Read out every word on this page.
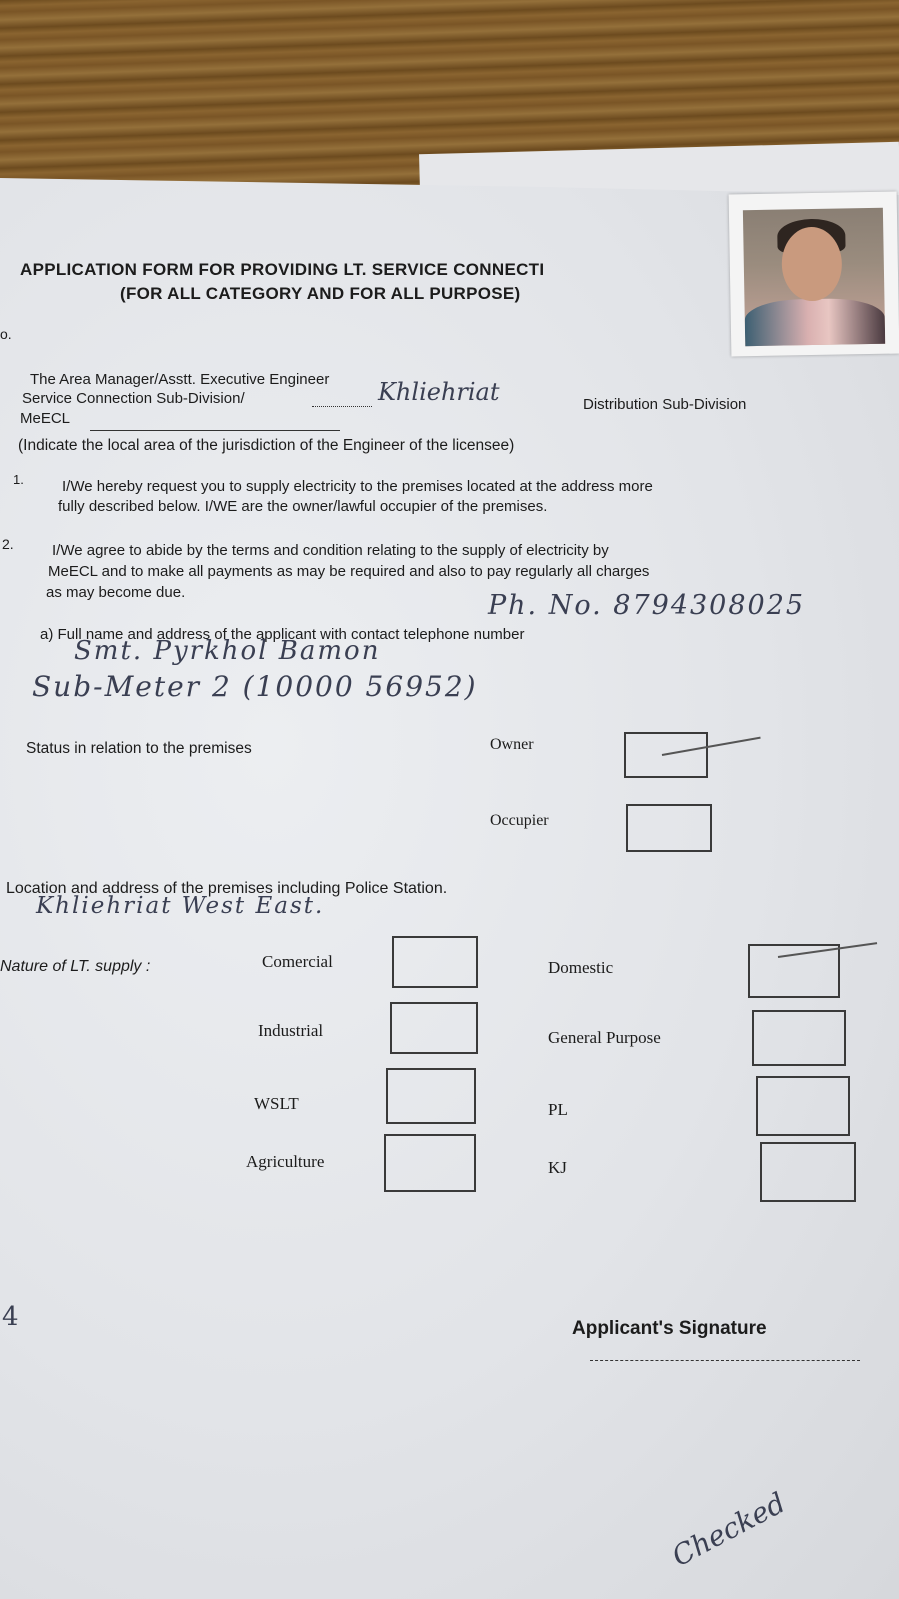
APPLICATION FORM FOR PROVIDING LT. SERVICE CONNECTI
(FOR ALL CATEGORY AND FOR ALL PURPOSE)
o.
The Area Manager/Asstt. Executive Engineer
Service Connection Sub-Division/	Khliehriat	Distribution Sub-Division
MeECL
(Indicate the local area of the jurisdiction of the Engineer of the licensee)
1.	I/We hereby request you to supply electricity to the premises located at the address more
fully described below. I/WE are the owner/lawful occupier of the premises.
2.	I/We agree to abide by the terms and condition relating to the supply of electricity by
MeECL and to make all payments as may be required and also to pay regularly all charges
as may become due.	Ph. No. 8794308025
a) Full name and address of the applicant with contact telephone number
Smt. Pyrkhol Bamon
Sub-Meter 2 (10000 56952)
Status in relation to the premises	Owner
Occupier
Location and address of the premises including Police Station.
Khliehriat West East.
Nature of LT. supply :	Comercial
Industrial
WSLT
Agriculture
Domestic
General Purpose
PL
KJ
4	Applicant's Signature
Checked
